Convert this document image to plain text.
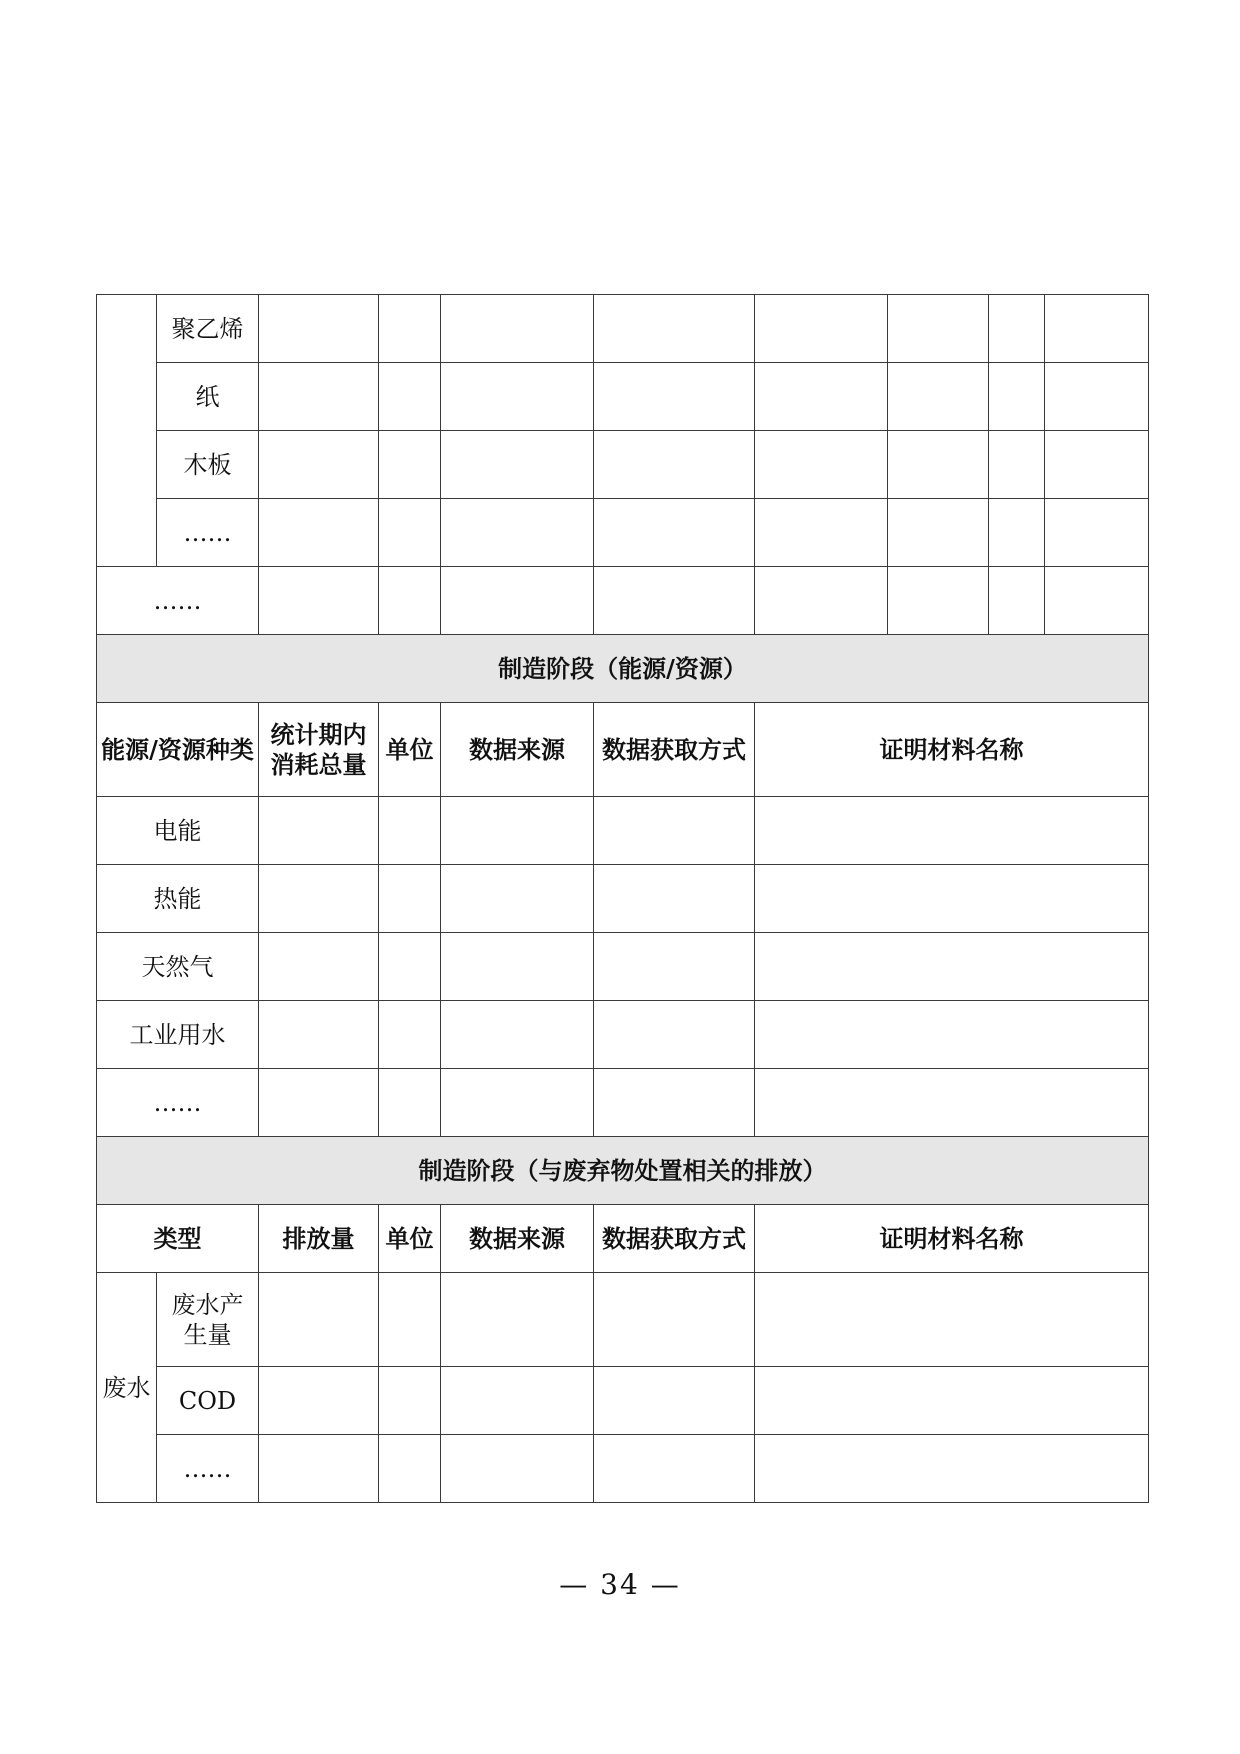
	聚乙烯								
	纸								
	木板								
	……								
……									
制造阶段（能源/资源）									
能源/资源种类		统计期内消耗总量	单位	数据来源	数据获取方式	证明材料名称			
电能									
热能									
天然气									
工业用水									
……									
制造阶段（与废弃物处置相关的排放）									
类型		排放量	单位	数据来源	数据获取方式	证明材料名称			
废水	废水产生量								
	COD								
	……								
— 34 —
